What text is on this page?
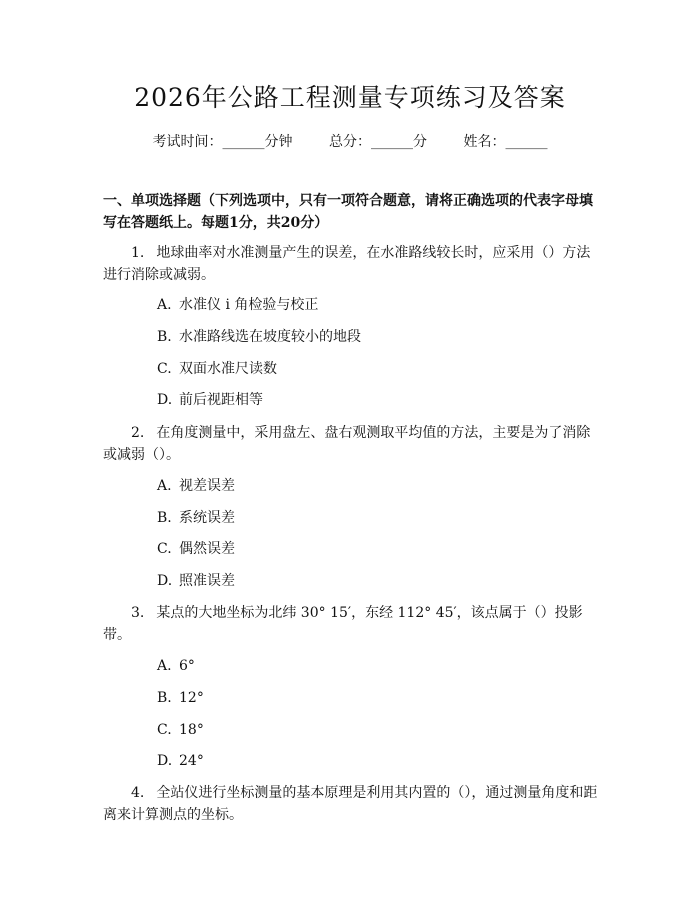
2026年公路工程测量专项练习及答案
考试时间：______分钟	总分：______分	姓名：______
一、单项选择题（下列选项中，只有一项符合题意，请将正确选项的代表字母填写在答题纸上。每题1分，共20分）
1. 地球曲率对水准测量产生的误差，在水准路线较长时，应采用（）方法进行消除或减弱。
A. 水准仪 i 角检验与校正
B. 水准路线选在坡度较小的地段
C. 双面水准尺读数
D. 前后视距相等
2. 在角度测量中，采用盘左、盘右观测取平均值的方法，主要是为了消除或减弱（）。
A. 视差误差
B. 系统误差
C. 偶然误差
D. 照准误差
3. 某点的大地坐标为北纬 30° 15′，东经 112° 45′，该点属于（）投影带。
A. 6°
B. 12°
C. 18°
D. 24°
4. 全站仪进行坐标测量的基本原理是利用其内置的（），通过测量角度和距离来计算测点的坐标。
